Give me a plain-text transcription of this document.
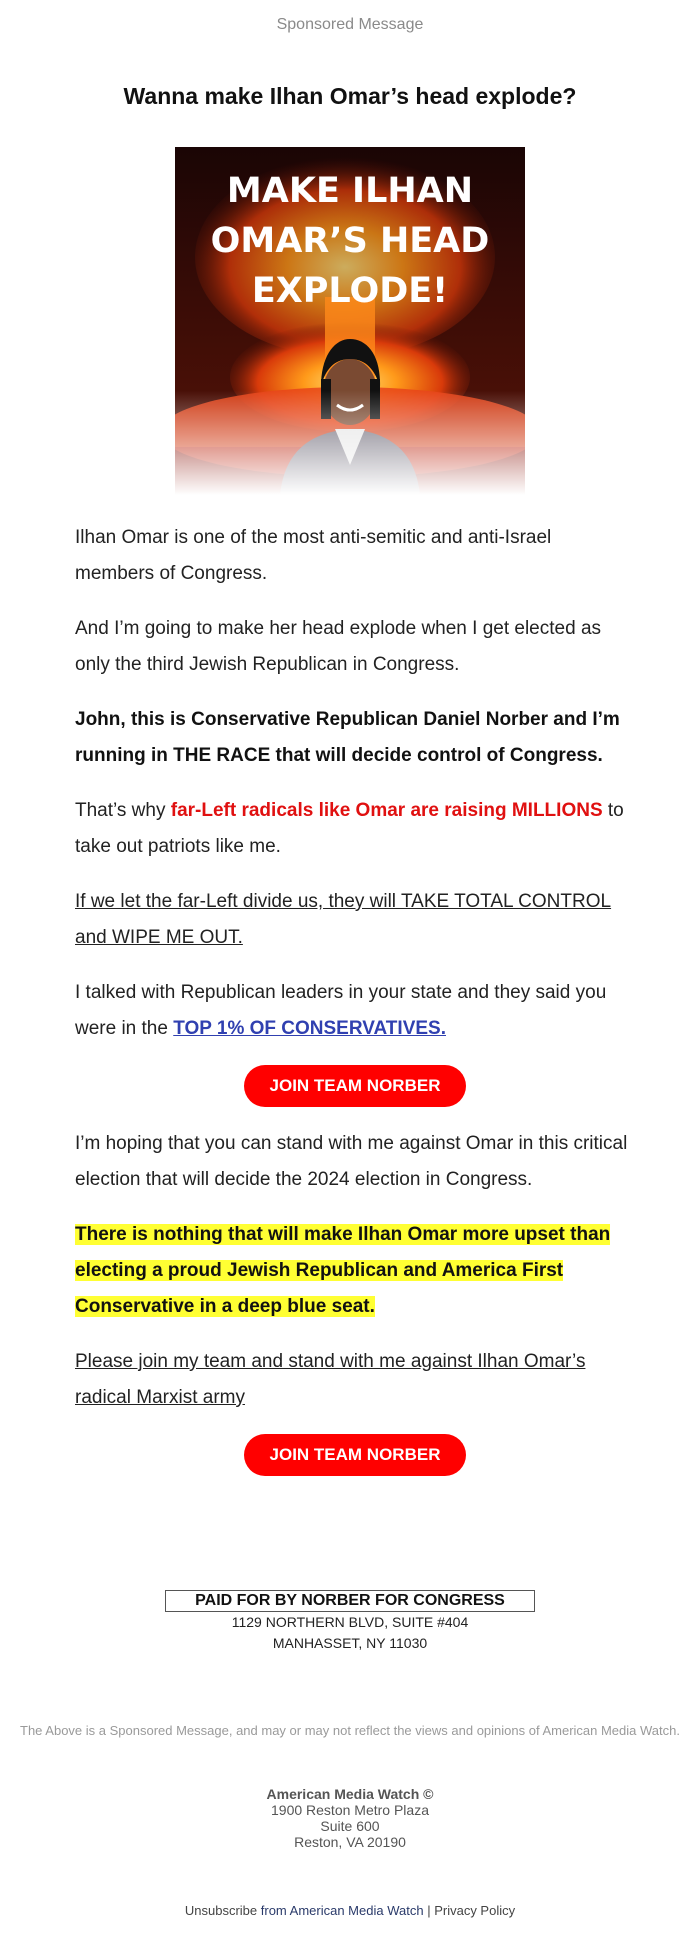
Sponsored Message
Wanna make Ilhan Omar’s head explode?

Ilhan Omar is one of the most anti-semitic and anti-Israel members of Congress.

And I’m going to make her head explode when I get elected as only the third Jewish Republican in Congress.

John, this is Conservative Republican Daniel Norber and I’m running in THE RACE that will decide control of Congress.

That’s why far-Left radicals like Omar are raising MILLIONS to take out patriots like me.

If we let the far-Left divide us, they will TAKE TOTAL CONTROL and WIPE ME OUT.

I talked with Republican leaders in your state and they said you were in the TOP 1% OF CONSERVATIVES.

JOIN TEAM NORBER

I’m hoping that you can stand with me against Omar in this critical election that will decide the 2024 election in Congress.

There is nothing that will make Ilhan Omar more upset than electing a proud Jewish Republican and America First Conservative in a deep blue seat.

Please join my team and stand with me against Ilhan Omar’s radical Marxist army

JOIN TEAM NORBER
PAID FOR BY NORBER FOR CONGRESS
1129 NORTHERN BLVD, SUITE #404
MANHASSET, NY 11030
The Above is a Sponsored Message, and may or may not reflect the views and opinions of American Media Watch.
American Media Watch ©
1900 Reston Metro Plaza
Suite 600
Reston, VA 20190
Unsubscribe from American Media Watch | Privacy Policy
